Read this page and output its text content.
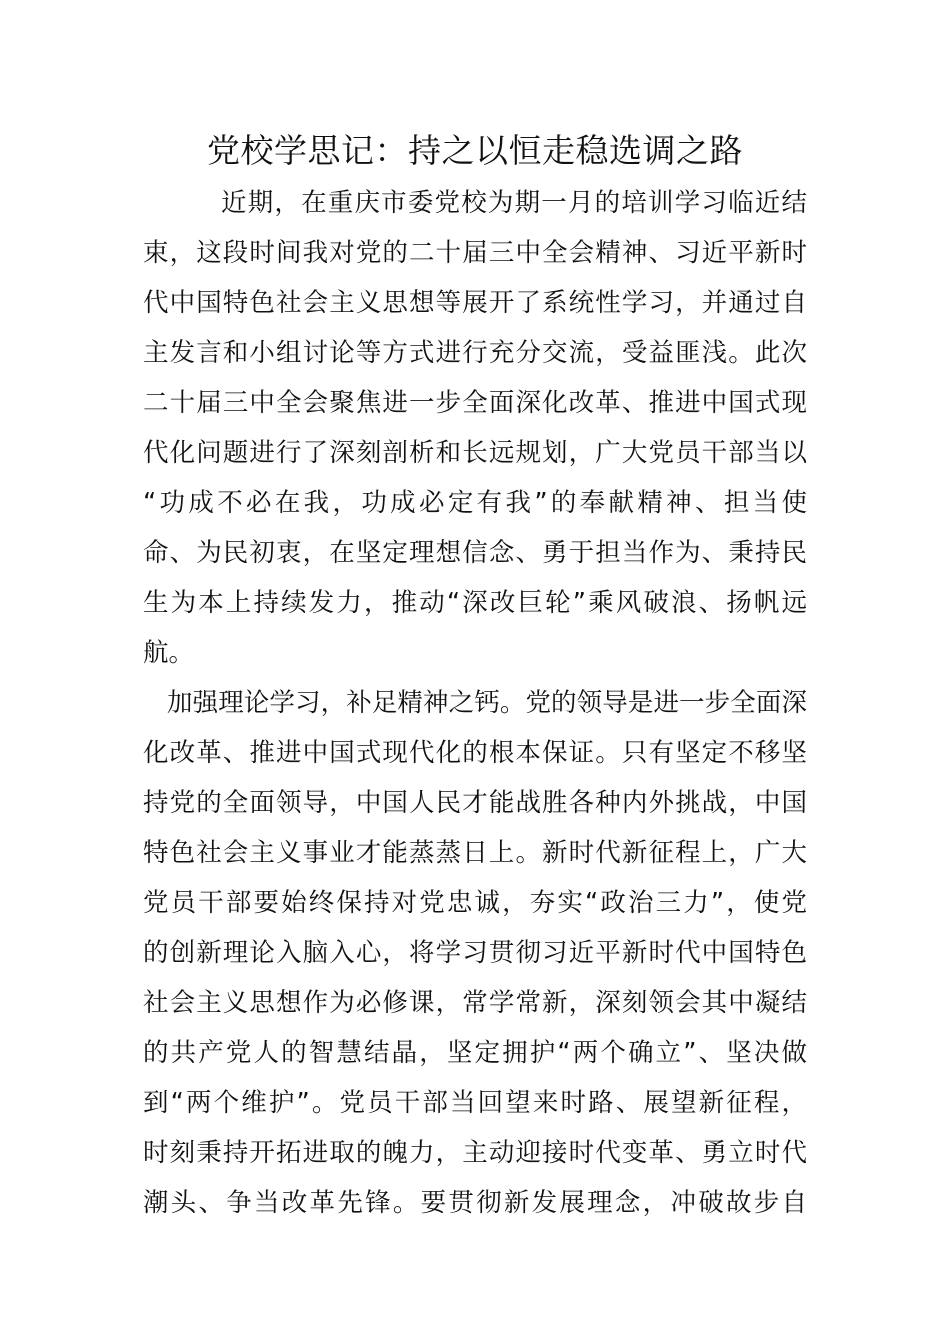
党校学思记：持之以恒走稳选调之路
近期，在重庆市委党校为期一月的培训学习临近结
束，这段时间我对党的二十届三中全会精神、习近平新时
代中国特色社会主义思想等展开了系统性学习，并通过自
主发言和小组讨论等方式进行充分交流，受益匪浅。此次
二十届三中全会聚焦进一步全面深化改革、推进中国式现
代化问题进行了深刻剖析和长远规划，广大党员干部当以
“功成不必在我，功成必定有我”的奉献精神、担当使
命、为民初衷，在坚定理想信念、勇于担当作为、秉持民
生为本上持续发力，推动“深改巨轮”乘风破浪、扬帆远
航。
加强理论学习，补足精神之钙。党的领导是进一步全面深
化改革、推进中国式现代化的根本保证。只有坚定不移坚
持党的全面领导，中国人民才能战胜各种内外挑战，中国
特色社会主义事业才能蒸蒸日上。新时代新征程上，广大
党员干部要始终保持对党忠诚，夯实“政治三力”，使党
的创新理论入脑入心，将学习贯彻习近平新时代中国特色
社会主义思想作为必修课，常学常新，深刻领会其中凝结
的共产党人的智慧结晶，坚定拥护“两个确立”、坚决做
到“两个维护”。党员干部当回望来时路、展望新征程，
时刻秉持开拓进取的魄力，主动迎接时代变革、勇立时代
潮头、争当改革先锋。要贯彻新发展理念，冲破故步自
